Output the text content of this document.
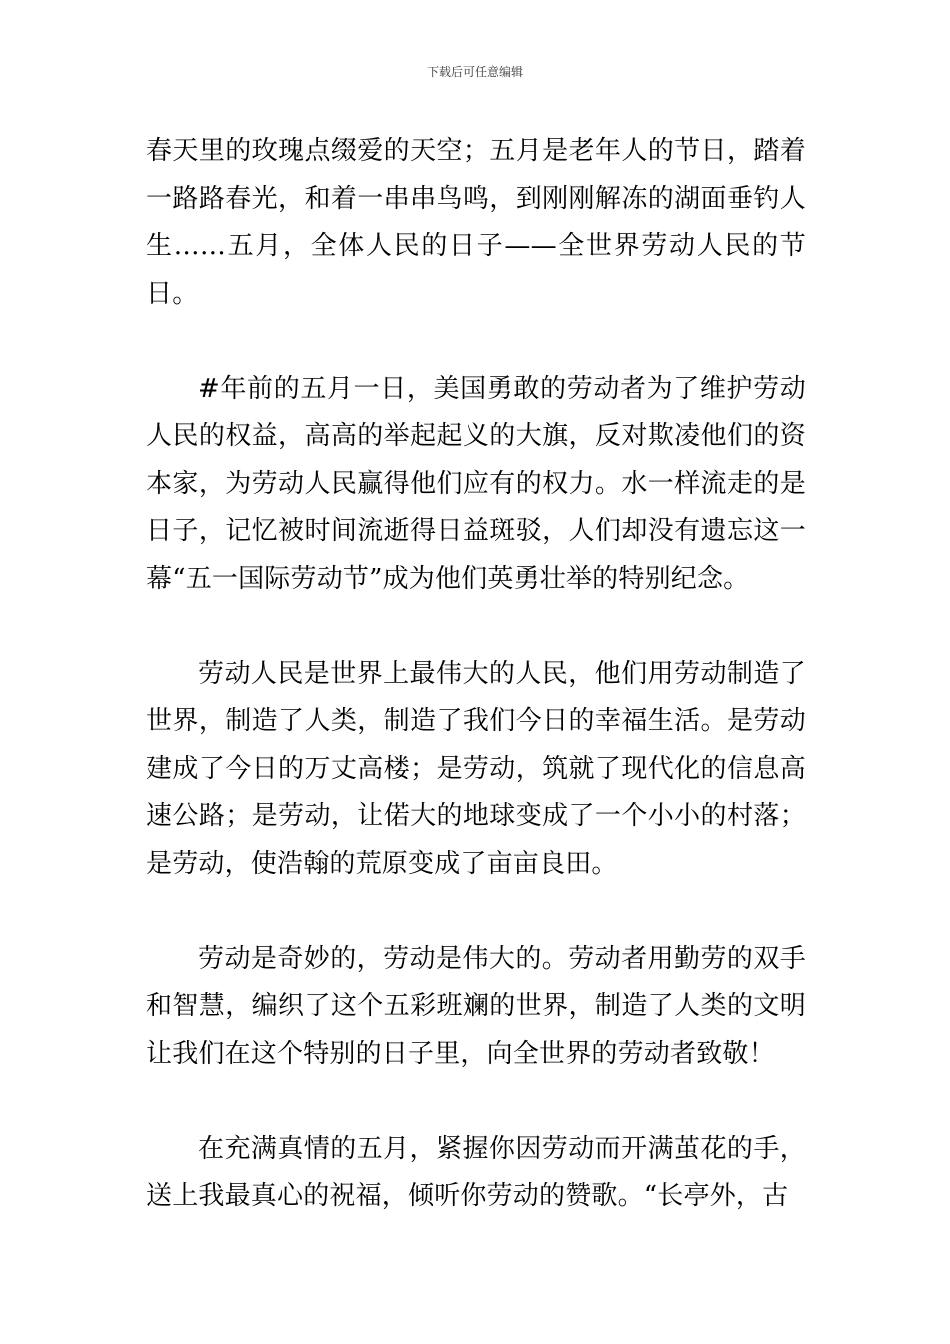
下载后可任意编辑

春天里的玫瑰点缀爱的天空；五月是老年人的节日，踏着一路路春光，和着一串串鸟鸣，到刚刚解冻的湖面垂钓人生……五月，全体人民的日子——全世界劳动人民的节日。

#年前的五月一日，美国勇敢的劳动者为了维护劳动人民的权益，高高的举起起义的大旗，反对欺凌他们的资本家，为劳动人民赢得他们应有的权力。水一样流走的是日子，记忆被时间流逝得日益斑驳，人们却没有遗忘这一幕“五一国际劳动节”成为他们英勇壮举的特别纪念。

劳动人民是世界上最伟大的人民，他们用劳动制造了世界，制造了人类，制造了我们今日的幸福生活。是劳动建成了今日的万丈高楼；是劳动，筑就了现代化的信息高速公路；是劳动，让偌大的地球变成了一个小小的村落；是劳动，使浩翰的荒原变成了亩亩良田。

劳动是奇妙的，劳动是伟大的。劳动者用勤劳的双手和智慧，编织了这个五彩班斓的世界，制造了人类的文明让我们在这个特别的日子里，向全世界的劳动者致敬！

在充满真情的五月，紧握你因劳动而开满茧花的手，送上我最真心的祝福，倾听你劳动的赞歌。“长亭外，古
